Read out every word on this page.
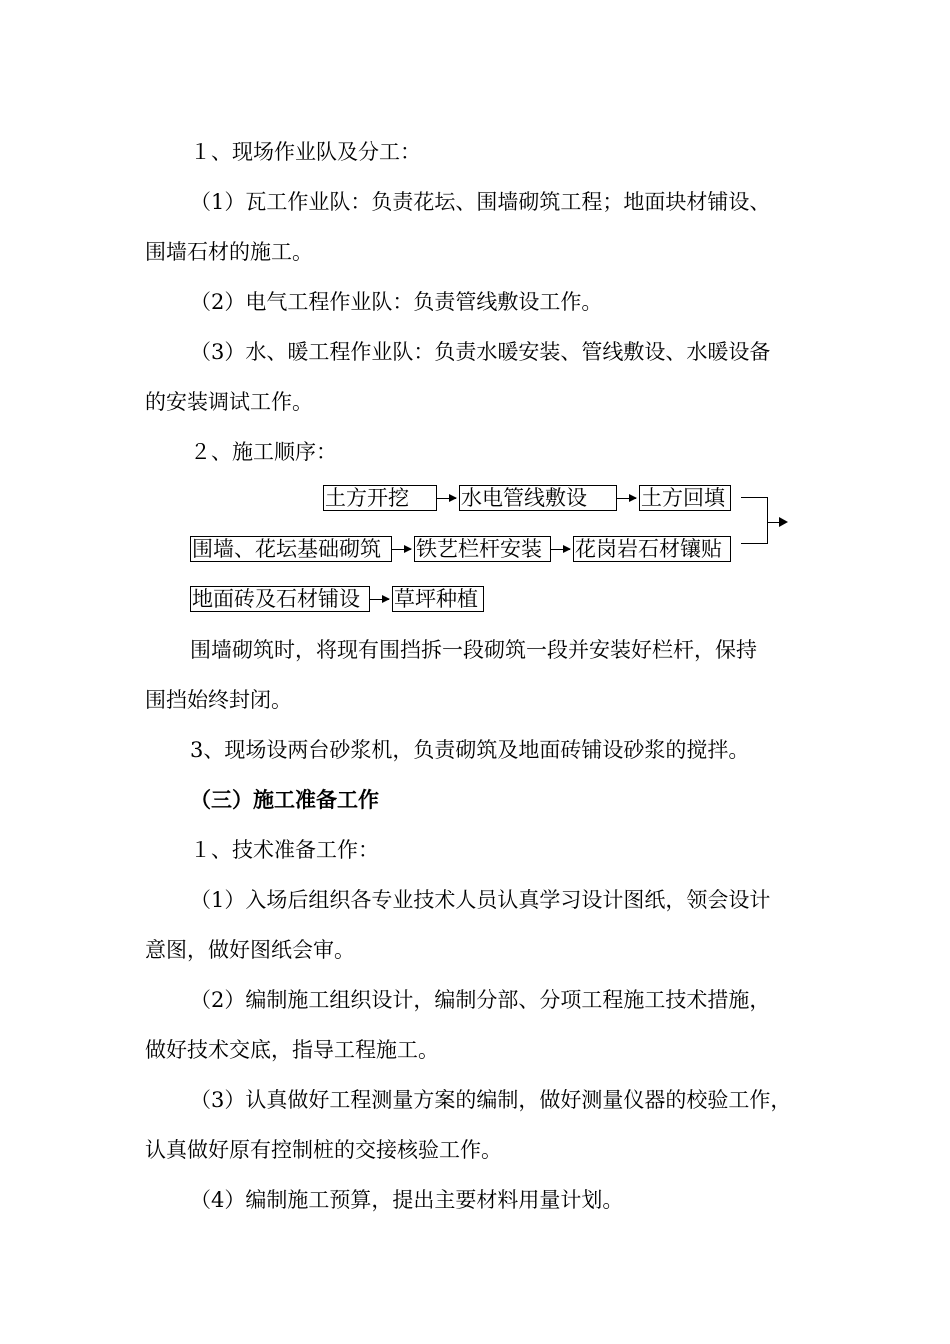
１、现场作业队及分工：
（1）瓦工作业队：负责花坛、围墙砌筑工程；地面块材铺设、
围墙石材的施工。
（2）电气工程作业队：负责管线敷设工作。
（3）水、暖工程作业队：负责水暖安装、管线敷设、水暖设备
的安装调试工作。
２、施工顺序：
土方开挖	水电管线敷设	土方回填
围墙、花坛基础砌筑	铁艺栏杆安装	花岗岩石材镶贴
地面砖及石材铺设	草坪种植
围墙砌筑时，将现有围挡拆一段砌筑一段并安装好栏杆，保持
围挡始终封闭。
3、现场设两台砂浆机，负责砌筑及地面砖铺设砂浆的搅拌。
（三）施工准备工作
１、技术准备工作：
（1）入场后组织各专业技术人员认真学习设计图纸，领会设计
意图，做好图纸会审。
（2）编制施工组织设计，编制分部、分项工程施工技术措施，
做好技术交底，指导工程施工。
（3）认真做好工程测量方案的编制，做好测量仪器的校验工作，
认真做好原有控制桩的交接核验工作。
（4）编制施工预算，提出主要材料用量计划。
